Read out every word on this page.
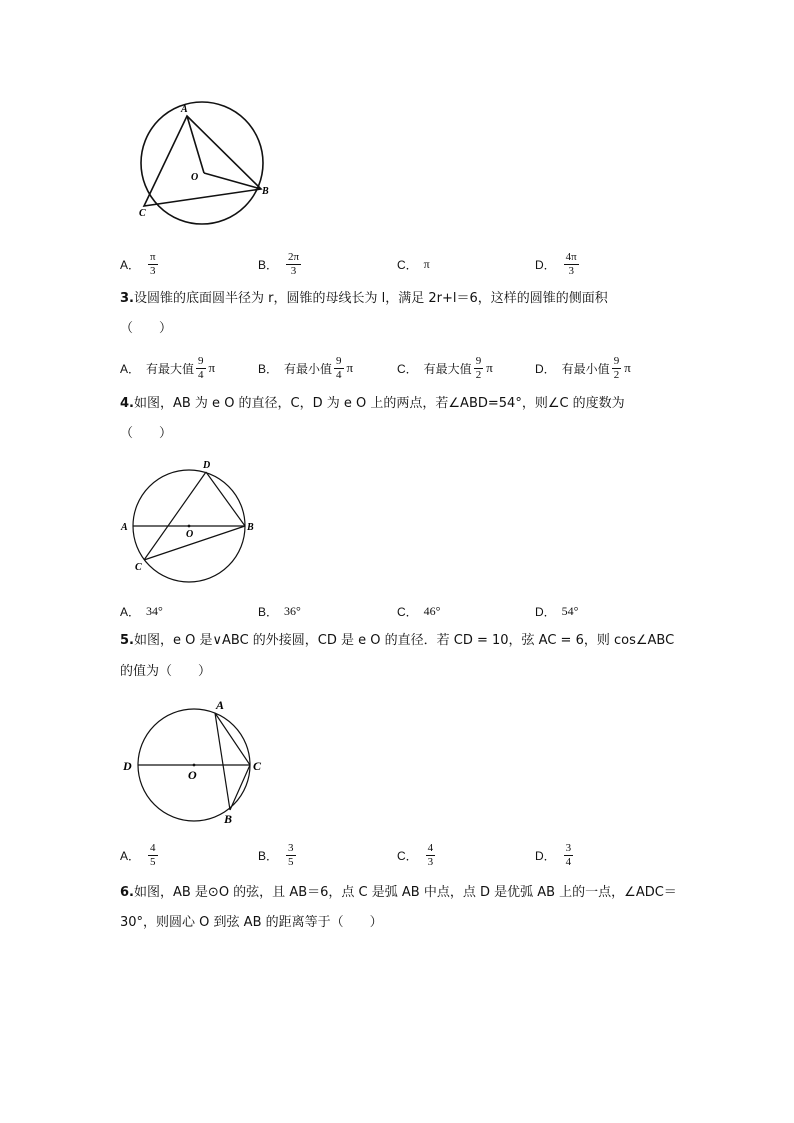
A
O
B
C
A． $\frac{\pi}{3}$	B． $\frac{2\pi}{3}$	C． π	D． $\frac{4\pi}{3}$
3.设圆锥的底面圆半径为 r，圆锥的母线长为 l，满足 2r+l＝6，这样的圆锥的侧面积
（　　）
A． 有最大值 $\frac{9}{4}$ π	B． 有最小值 $\frac{9}{4}$ π	C． 有最大值 $\frac{9}{2}$ π	D． 有最小值 $\frac{9}{2}$ π
4.如图，AB 为 e O 的直径，C，D 为 e O 上的两点，若∠ABD=54°，则∠C 的度数为
（　　）
D
A
O
B
C
A． 34°	B． 36°	C． 46°	D． 54°
5.如图，e O 是∨ABC 的外接圆，CD 是 e O 的直径．若 CD = 10，弦 AC = 6，则 cos∠ABC
的值为（　　）
A
D
O
C
B
A． $\frac{4}{5}$	B． $\frac{3}{5}$	C． $\frac{4}{3}$	D． $\frac{3}{4}$
6.如图，AB 是⊙O 的弦，且 AB＝6，点 C 是弧 AB 中点，点 D 是优弧 AB 上的一点，∠ADC＝
30°，则圆心 O 到弦 AB 的距离等于（　　）
